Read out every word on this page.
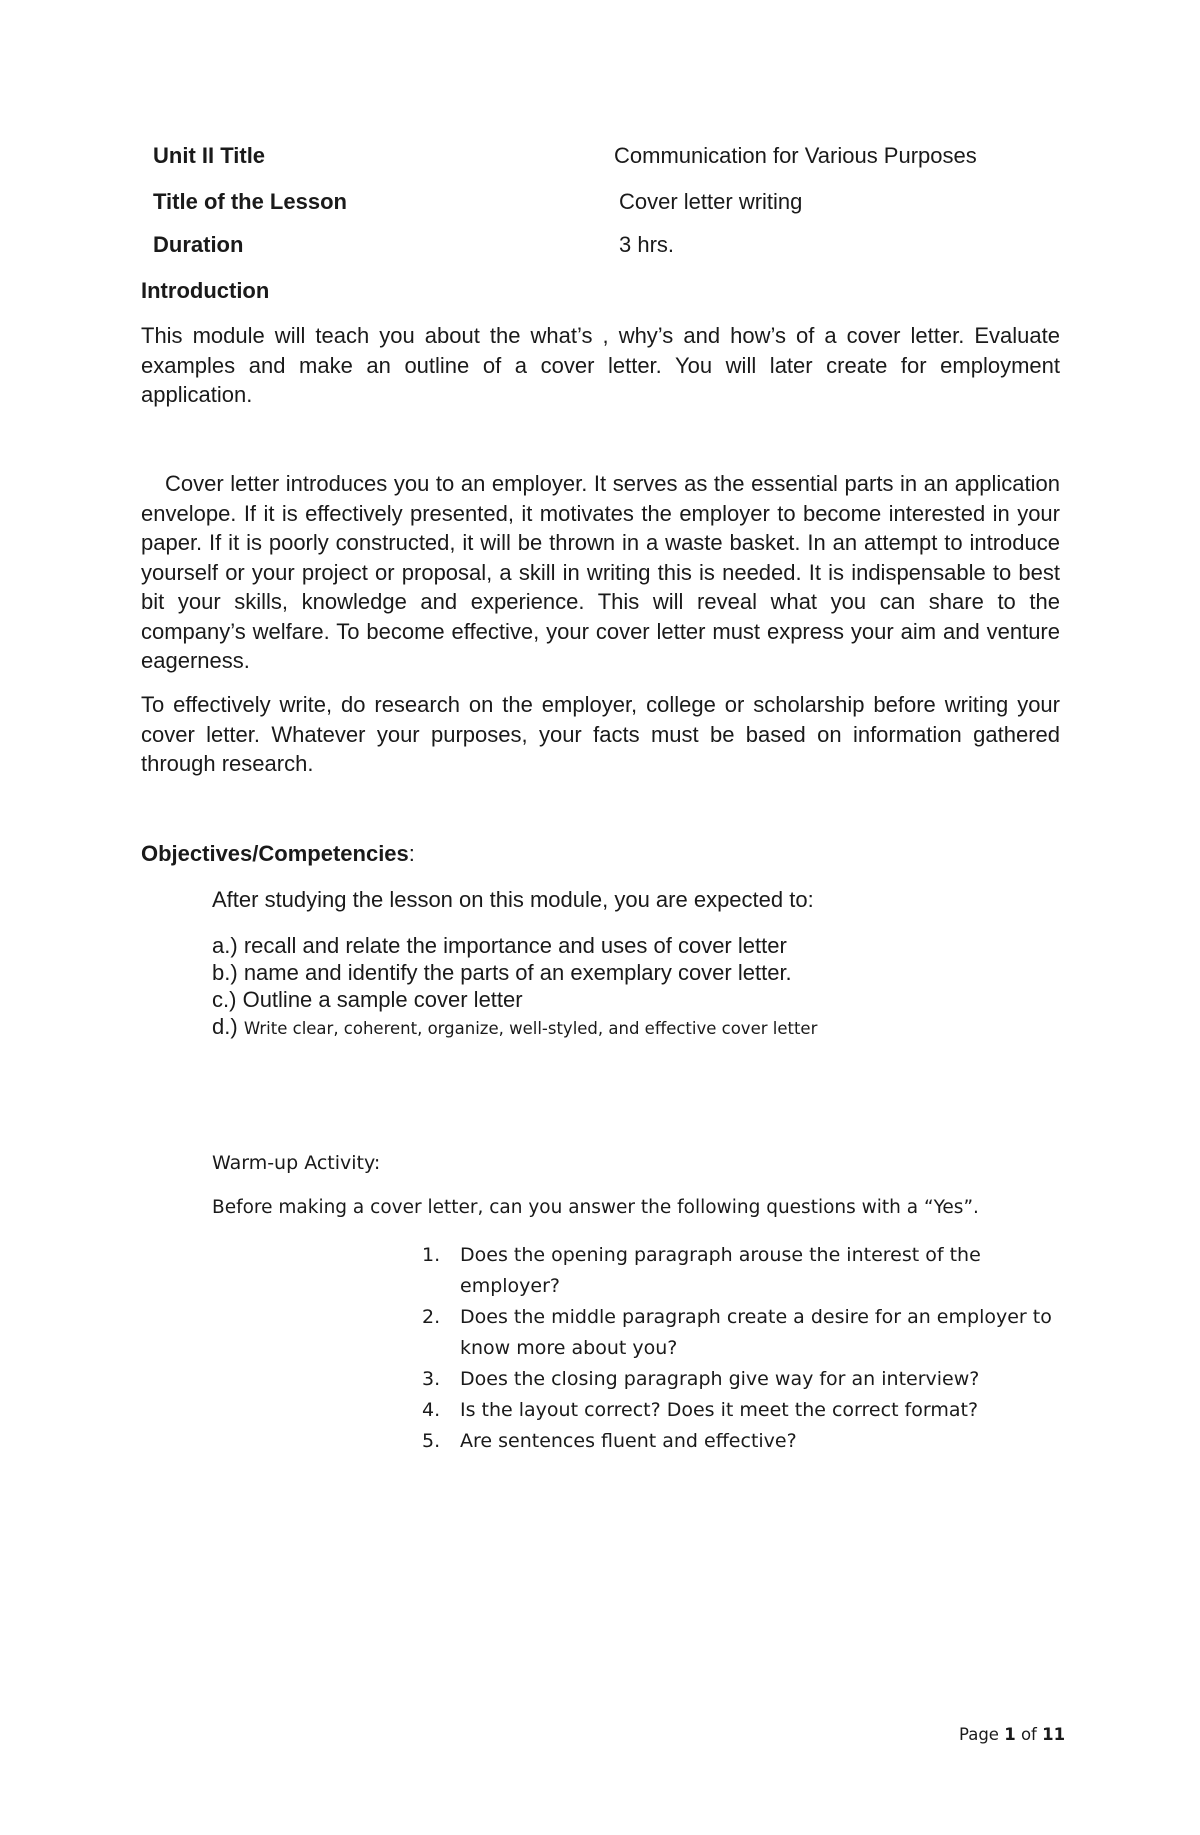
Unit II Title	Communication for Various Purposes
Title of the Lesson	Cover letter writing
Duration	3 hrs.
Introduction

This module will teach you about the what’s , why’s and how’s of a cover letter. Evaluate examples and make an outline of a cover letter. You will later create for employment application.

Cover letter introduces you to an employer. It serves as the essential parts in an application envelope. If it is effectively presented, it motivates the employer to become interested in your paper. If it is poorly constructed, it will be thrown in a waste basket. In an attempt to introduce yourself or your project or proposal, a skill in writing this is needed. It is indispensable to best bit your skills, knowledge and experience. This will reveal what you can share to the company’s welfare. To become effective, your cover letter must express your aim and venture eagerness.

To effectively write, do research on the employer, college or scholarship before writing your cover letter. Whatever your purposes, your facts must be based on information gathered through research.

Objectives/Competencies:
After studying the lesson on this module, you are expected to:
a.) recall and relate the importance and uses of cover letter
b.) name and identify the parts of an exemplary cover letter.
c.) Outline a sample cover letter
d.) Write clear, coherent, organize, well-styled, and effective cover letter
Warm-up Activity:
Before making a cover letter, can you answer the following questions with a “Yes”.
1. Does the opening paragraph arouse the interest of the employer?
2. Does the middle paragraph create a desire for an employer to know more about you?
3. Does the closing paragraph give way for an interview?
4. Is the layout correct? Does it meet the correct format?
5. Are sentences fluent and effective?
Page 1 of 11
